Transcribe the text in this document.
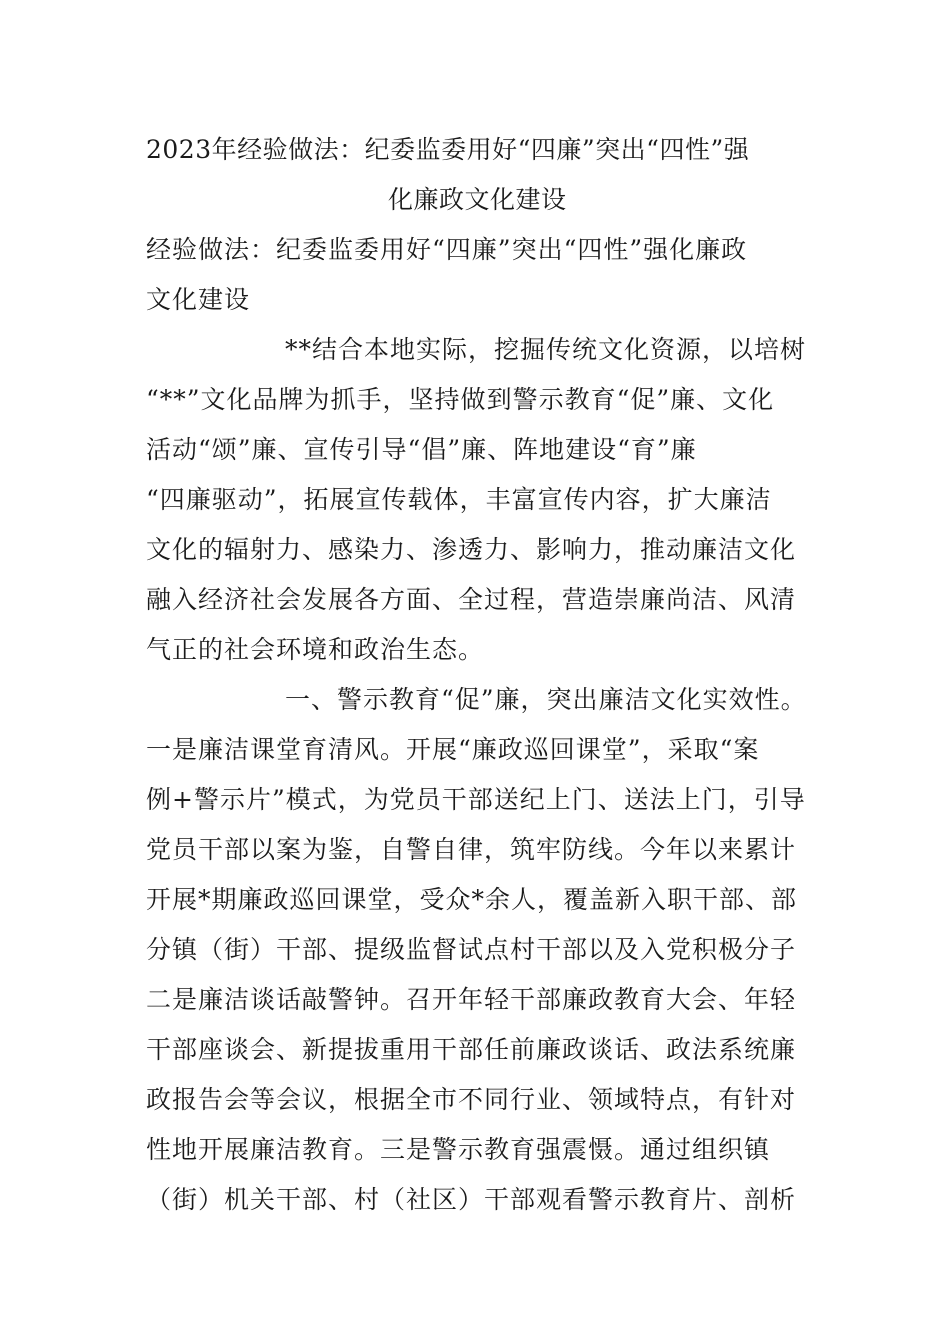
2023年经验做法：纪委监委用好“四廉”突出“四性”强
化廉政文化建设
经验做法：纪委监委用好“四廉”突出“四性”强化廉政
文化建设
**结合本地实际，挖掘传统文化资源，以培树
“**”文化品牌为抓手，坚持做到警示教育“促”廉、文化
活动“颂”廉、宣传引导“倡”廉、阵地建设“育”廉
“四廉驱动”，拓展宣传载体，丰富宣传内容，扩大廉洁
文化的辐射力、感染力、渗透力、影响力，推动廉洁文化
融入经济社会发展各方面、全过程，营造崇廉尚洁、风清
气正的社会环境和政治生态。
一、警示教育“促”廉，突出廉洁文化实效性。
一是廉洁课堂育清风。开展“廉政巡回课堂”，采取“案
例+警示片”模式，为党员干部送纪上门、送法上门，引导
党员干部以案为鉴，自警自律，筑牢防线。今年以来累计
开展*期廉政巡回课堂，受众*余人，覆盖新入职干部、部
分镇（街）干部、提级监督试点村干部以及入党积极分子
二是廉洁谈话敲警钟。召开年轻干部廉政教育大会、年轻
干部座谈会、新提拔重用干部任前廉政谈话、政法系统廉
政报告会等会议，根据全市不同行业、领域特点，有针对
性地开展廉洁教育。三是警示教育强震慑。通过组织镇
（街）机关干部、村（社区）干部观看警示教育片、剖析
